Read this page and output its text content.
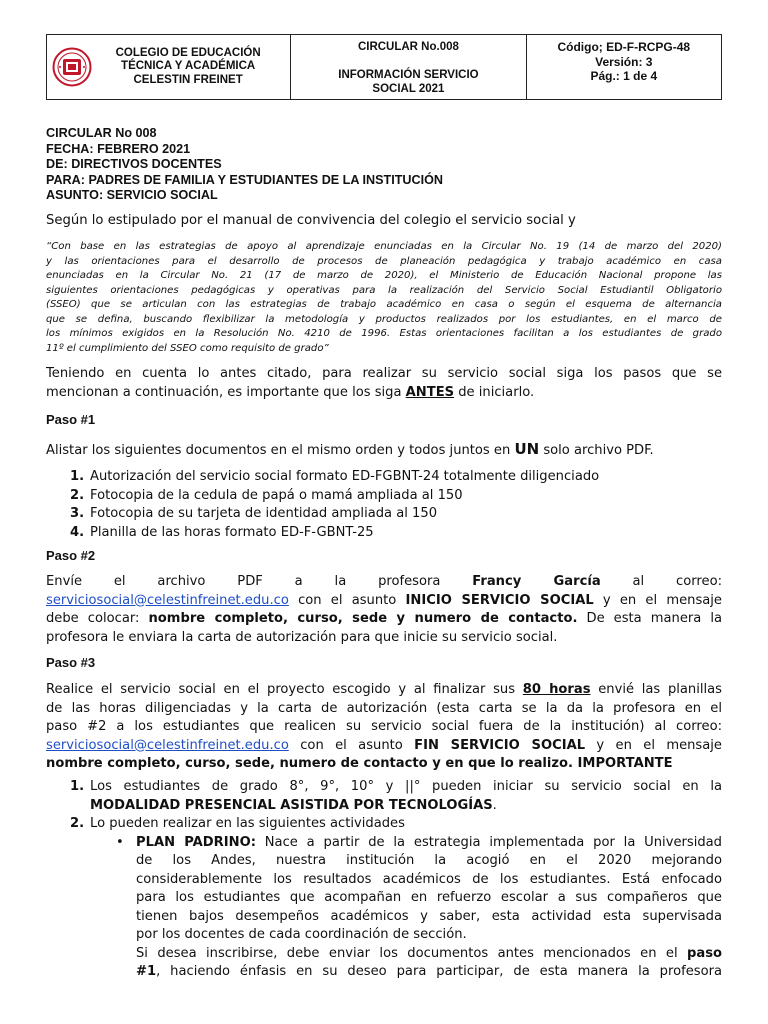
COLEGIO DE EDUCACIÓN
TÉCNICA Y ACADÉMICA
CELESTIN FREINET
CIRCULAR No.008
INFORMACIÓN SERVICIO
SOCIAL 2021
Código; ED-F-RCPG-48
Versión: 3
Pág.: 1 de 4
CIRCULAR No 008
FECHA: FEBRERO 2021
DE: DIRECTIVOS DOCENTES
PARA: PADRES DE FAMILIA Y ESTUDIANTES DE LA INSTITUCIÓN
ASUNTO: SERVICIO SOCIAL
Según lo estipulado por el manual de convivencia del colegio el servicio social y
“Con base en las estrategias de apoyo al aprendizaje enunciadas en la Circular No. 19 (14 de marzo del 2020)
y las orientaciones para el desarrollo de procesos de planeación pedagógica y trabajo académico en casa
enunciadas en la Circular No. 21 (17 de marzo de 2020), el Ministerio de Educación Nacional propone las
siguientes orientaciones pedagógicas y operativas para la realización del Servicio Social Estudiantil Obligatorio
(SSEO) que se articulan con las estrategias de trabajo académico en casa o según el esquema de alternancia
que se defina, buscando flexibilizar la metodología y productos realizados por los estudiantes, en el marco de
los mínimos exigidos en la Resolución No. 4210 de 1996. Estas orientaciones facilitan a los estudiantes de grado
11º el cumplimiento del SSEO como requisito de grado”
Teniendo en cuenta lo antes citado, para realizar su servicio social siga los pasos que se
mencionan a continuación, es importante que los siga ANTES de iniciarlo.
Paso #1
Alistar los siguientes documentos en el mismo orden y todos juntos en UN solo archivo PDF.
1. Autorización del servicio social formato ED-FGBNT-24 totalmente diligenciado
2. Fotocopia de la cedula de papá o mamá ampliada al 150
3. Fotocopia de su tarjeta de identidad ampliada al 150
4. Planilla de las horas formato ED-F-GBNT-25
Paso #2
Envíe el archivo PDF a la profesora Francy García al correo:
serviciosocial@celestinfreinet.edu.co con el asunto INICIO SERVICIO SOCIAL y en el mensaje
debe colocar: nombre completo, curso, sede y numero de contacto. De esta manera la
profesora le enviara la carta de autorización para que inicie su servicio social.
Paso #3
Realice el servicio social en el proyecto escogido y al finalizar sus 80 horas envié las planillas
de las horas diligenciadas y la carta de autorización (esta carta se la da la profesora en el
paso #2 a los estudiantes que realicen su servicio social fuera de la institución) al correo:
serviciosocial@celestinfreinet.edu.co con el asunto FIN SERVICIO SOCIAL y en el mensaje
nombre completo, curso, sede, numero de contacto y en que lo realizo. IMPORTANTE
1. Los estudiantes de grado 8°, 9°, 10° y ||° pueden iniciar su servicio social en la
MODALIDAD PRESENCIAL ASISTIDA POR TECNOLOGÍAS.
2. Lo pueden realizar en las siguientes actividades
• PLAN PADRINO: Nace a partir de la estrategia implementada por la Universidad
de los Andes, nuestra institución la acogió en el 2020 mejorando
considerablemente los resultados académicos de los estudiantes. Está enfocado
para los estudiantes que acompañan en refuerzo escolar a sus compañeros que
tienen bajos desempeños académicos y saber, esta actividad esta supervisada
por los docentes de cada coordinación de sección.
Si desea inscribirse, debe enviar los documentos antes mencionados en el paso
#1, haciendo énfasis en su deseo para participar, de esta manera la profesora
